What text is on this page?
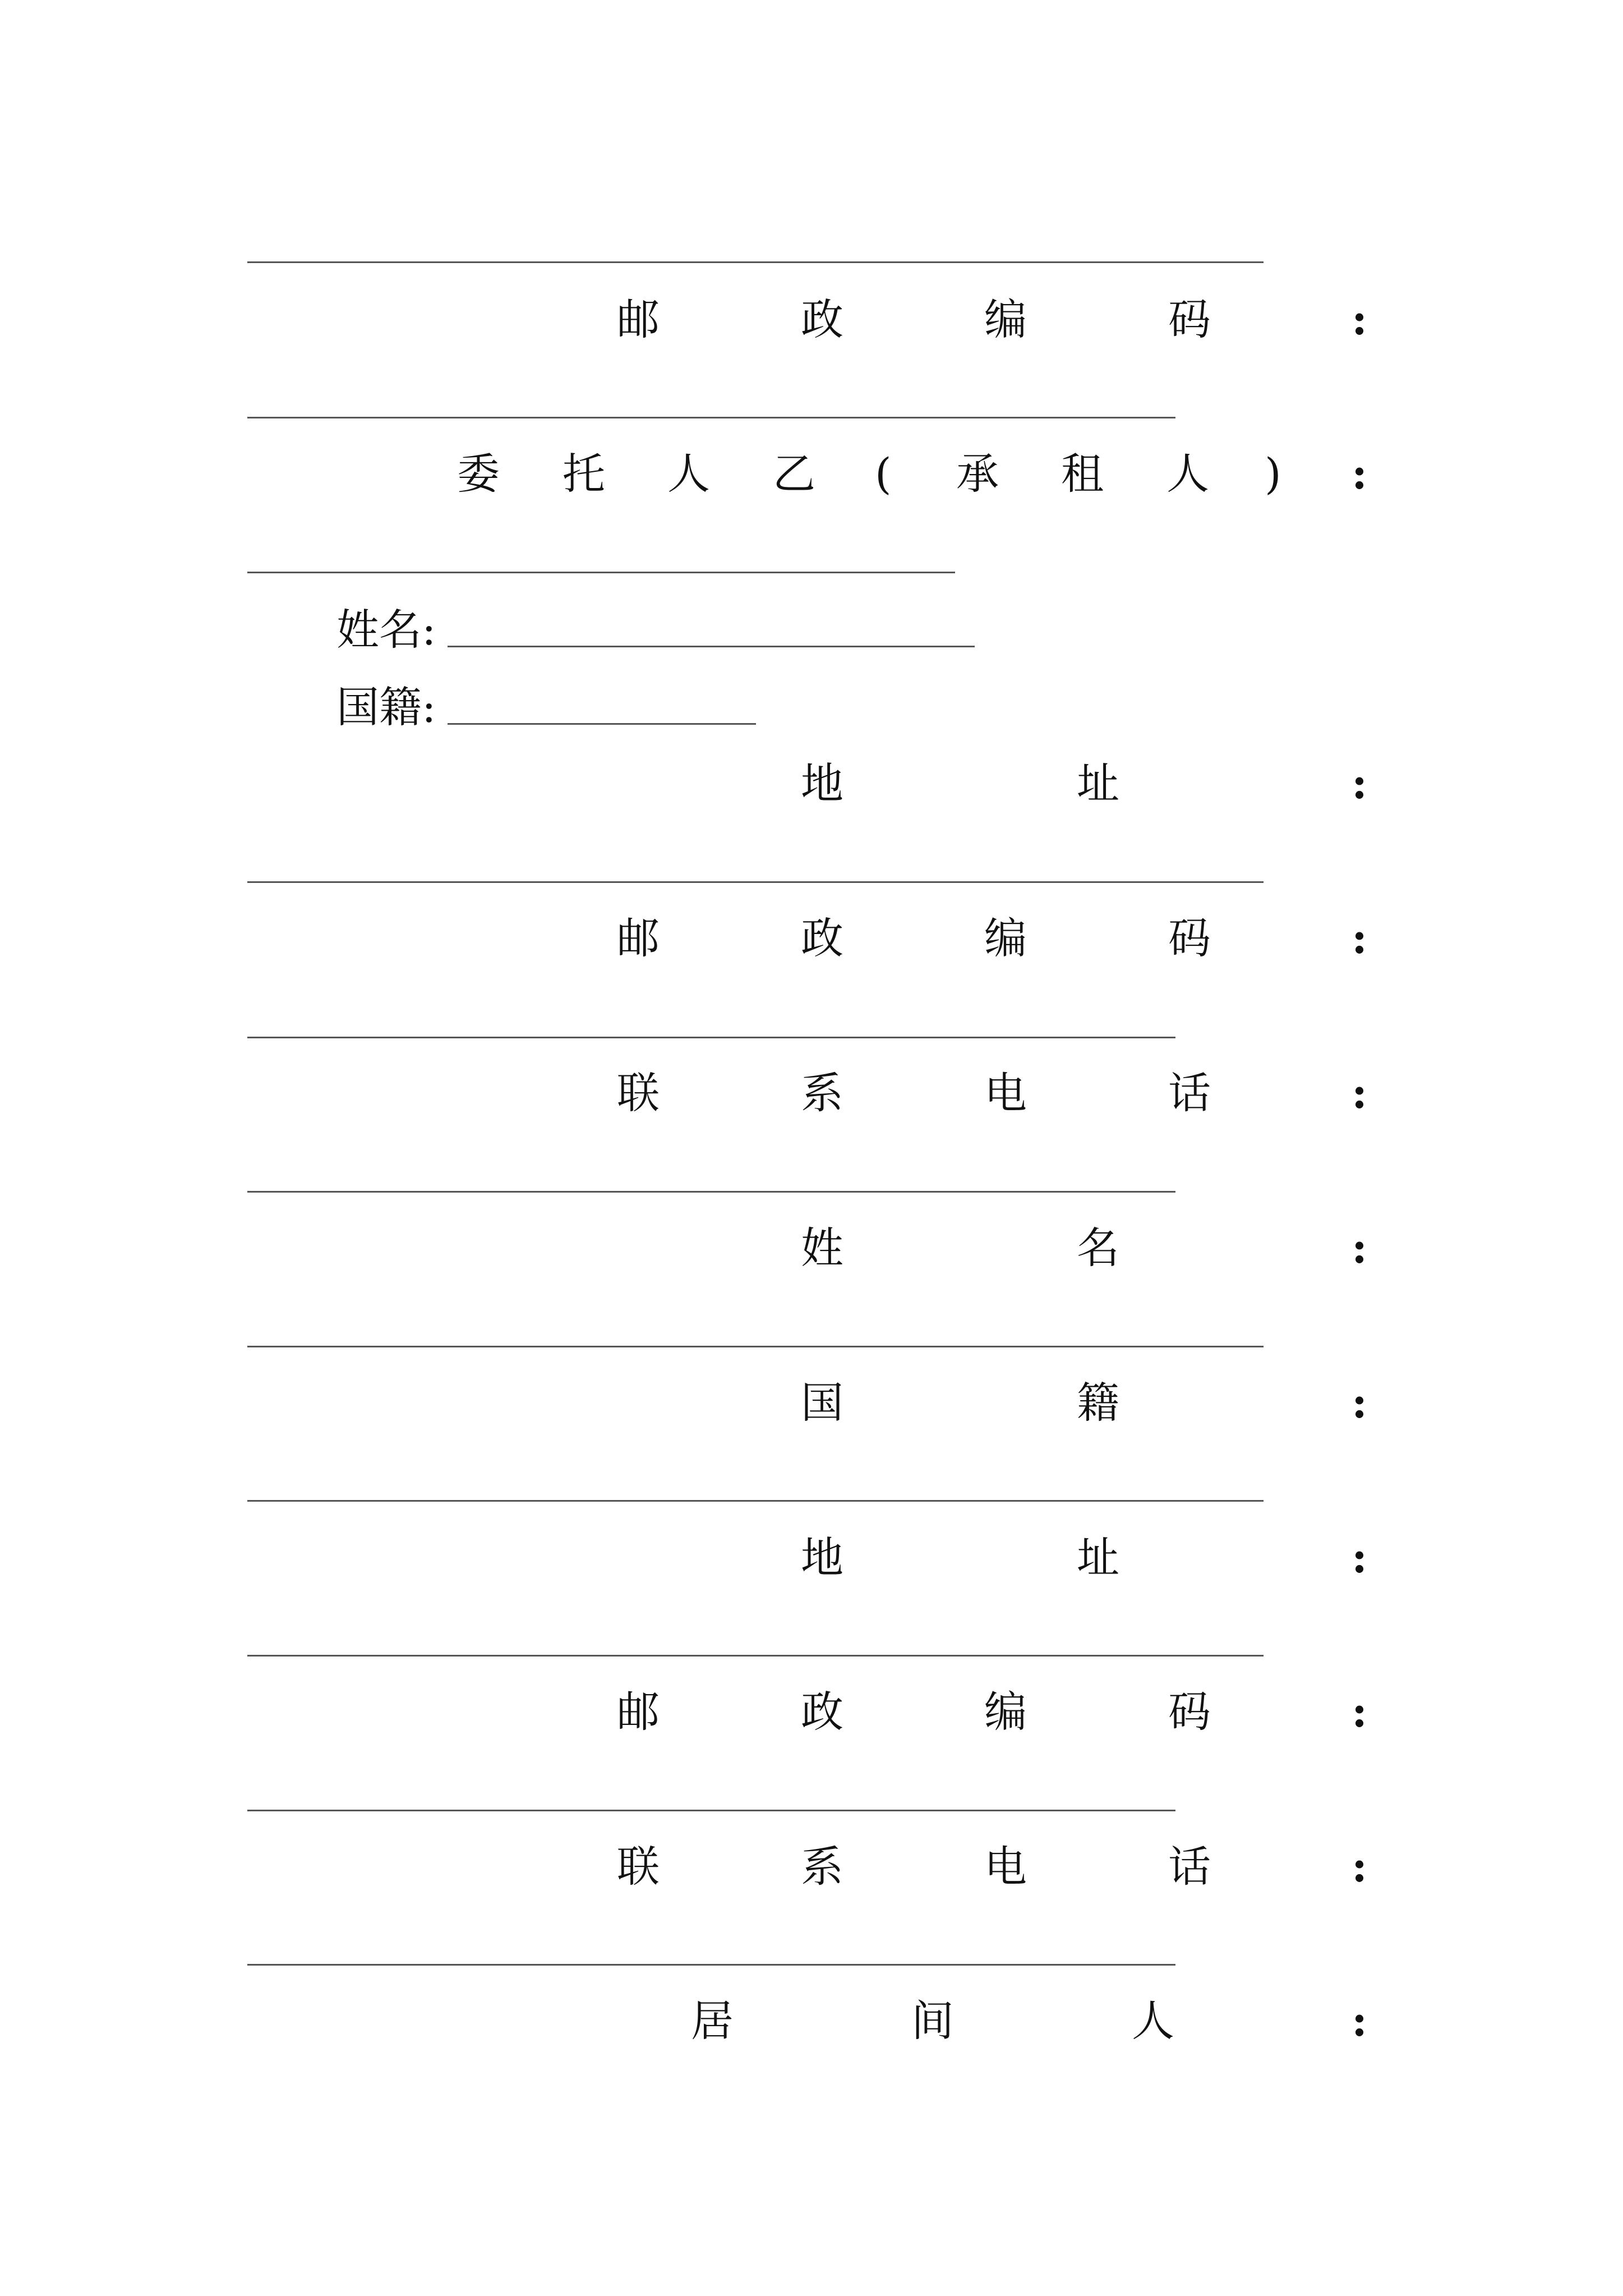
邮	政	编	码	:
委 托 人 乙 ( 承 租 人 ) :
姓名:
国籍:
地	址	:
邮	政	编	码	:
联	系	电	话	:
姓	名	:
国	籍	:
地	址	:
邮	政	编	码	:
联	系	电	话	:
居	间	人	:
